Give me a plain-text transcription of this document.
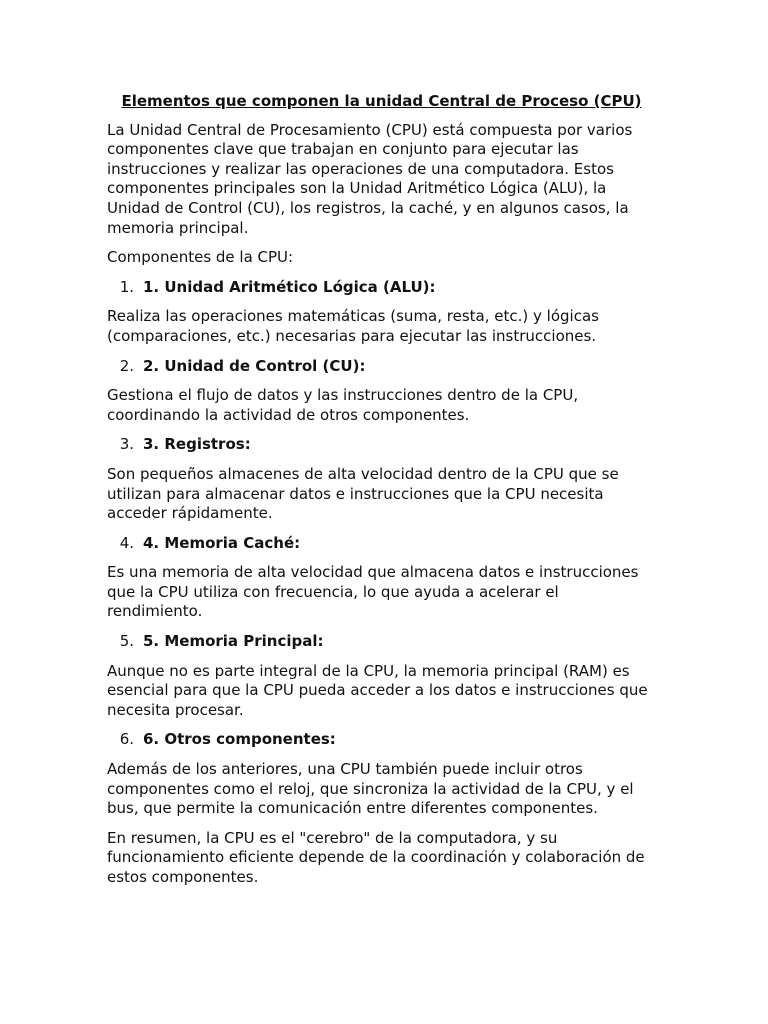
Elementos que componen la unidad Central de Proceso (CPU)

La Unidad Central de Procesamiento (CPU) está compuesta por varios componentes clave que trabajan en conjunto para ejecutar las instrucciones y realizar las operaciones de una computadora. Estos componentes principales son la Unidad Aritmético Lógica (ALU), la Unidad de Control (CU), los registros, la caché, y en algunos casos, la memoria principal.

Componentes de la CPU:

1. 1. Unidad Aritmético Lógica (ALU):

Realiza las operaciones matemáticas (suma, resta, etc.) y lógicas (comparaciones, etc.) necesarias para ejecutar las instrucciones.

2. 2. Unidad de Control (CU):

Gestiona el flujo de datos y las instrucciones dentro de la CPU, coordinando la actividad de otros componentes.

3. 3. Registros:

Son pequeños almacenes de alta velocidad dentro de la CPU que se utilizan para almacenar datos e instrucciones que la CPU necesita acceder rápidamente.

4. 4. Memoria Caché:

Es una memoria de alta velocidad que almacena datos e instrucciones que la CPU utiliza con frecuencia, lo que ayuda a acelerar el rendimiento.

5. 5. Memoria Principal:

Aunque no es parte integral de la CPU, la memoria principal (RAM) es esencial para que la CPU pueda acceder a los datos e instrucciones que necesita procesar.

6. 6. Otros componentes:

Además de los anteriores, una CPU también puede incluir otros componentes como el reloj, que sincroniza la actividad de la CPU, y el bus, que permite la comunicación entre diferentes componentes.

En resumen, la CPU es el "cerebro" de la computadora, y su funcionamiento eficiente depende de la coordinación y colaboración de estos componentes.
